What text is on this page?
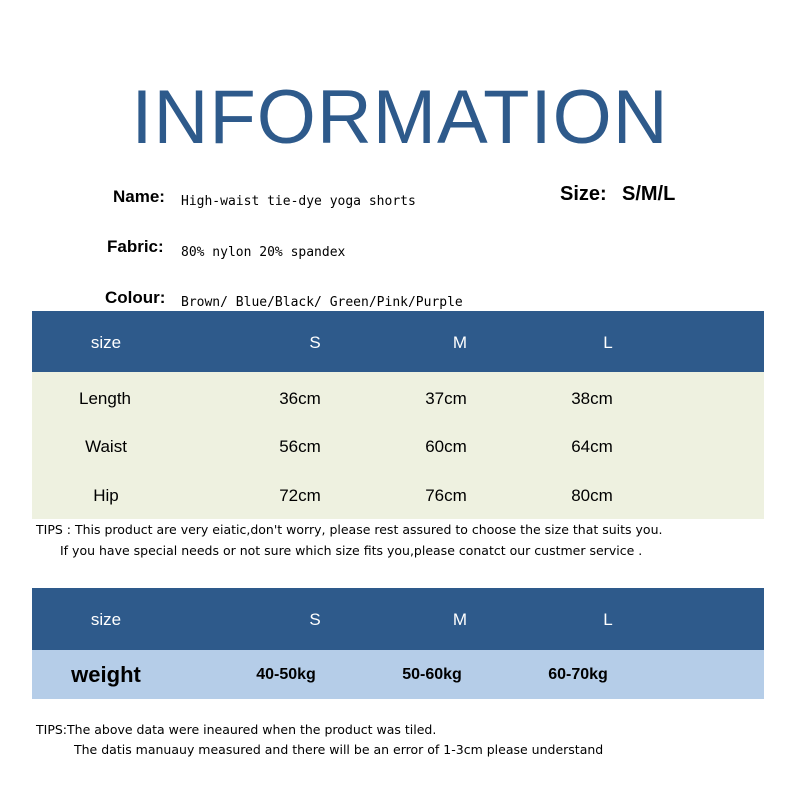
INFORMATION
Name: High-waist tie-dye yoga shorts
Fabric: 80% nylon 20% spandex
Colour: Brown/ Blue/Black/ Green/Pink/Purple
Size: S/M/L
size	S	M	L
Length	36cm	37cm	38cm
Waist	56cm	60cm	64cm
Hip	72cm	76cm	80cm
TIPS : This product are very eiatic,don't worry, please rest assured to choose the size that suits you.
If you have special needs or not sure which size fits you,please conatct our custmer service .
size	S	M	L
weight	40-50kg	50-60kg	60-70kg
TIPS:The above data were ineaured when the product was tiled.
The datis manuauy measured and there will be an error of 1-3cm please understand
